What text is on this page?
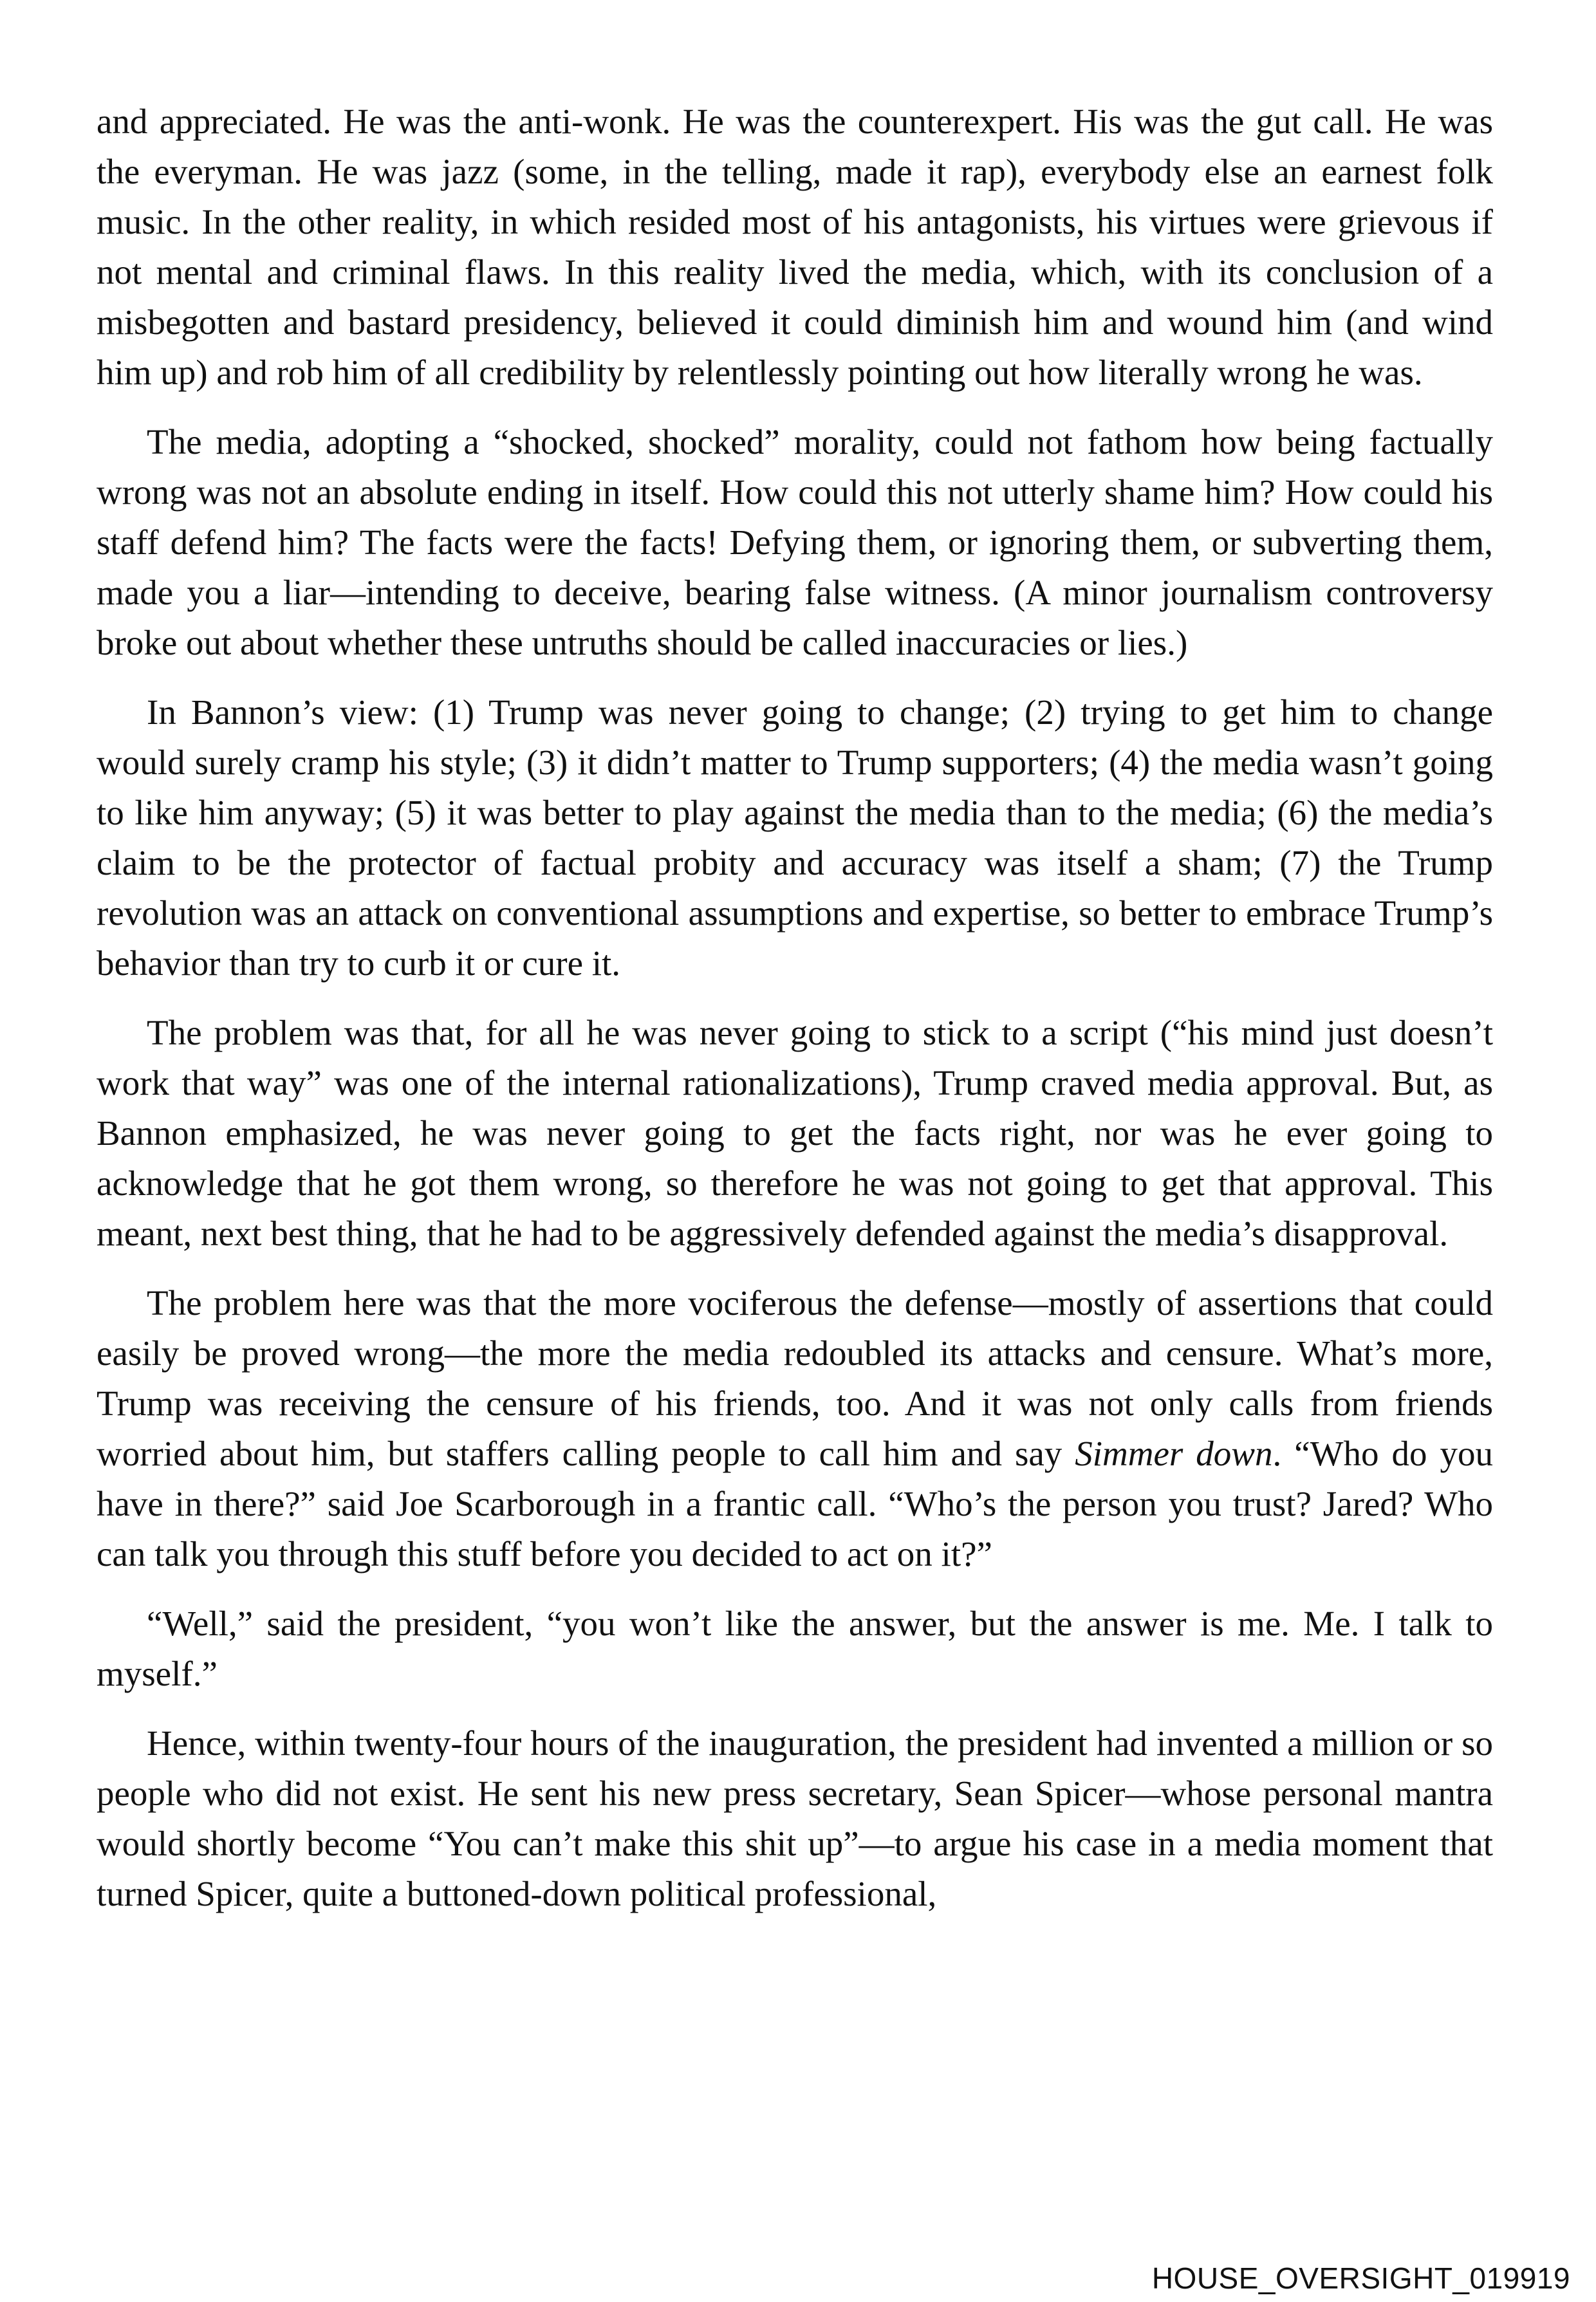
and appreciated. He was the anti-wonk. He was the counterexpert. His was the gut call. He was the everyman. He was jazz (some, in the telling, made it rap), everybody else an earnest folk music. In the other reality, in which resided most of his antagonists, his virtues were grievous if not mental and criminal flaws. In this reality lived the media, which, with its conclusion of a misbegotten and bastard presidency, believed it could diminish him and wound him (and wind him up) and rob him of all credibility by relentlessly pointing out how literally wrong he was.

The media, adopting a “shocked, shocked” morality, could not fathom how being factually wrong was not an absolute ending in itself. How could this not utterly shame him? How could his staff defend him? The facts were the facts! Defying them, or ignoring them, or subverting them, made you a liar—intending to deceive, bearing false witness. (A minor journalism controversy broke out about whether these untruths should be called inaccuracies or lies.)

In Bannon’s view: (1) Trump was never going to change; (2) trying to get him to change would surely cramp his style; (3) it didn’t matter to Trump supporters; (4) the media wasn’t going to like him anyway; (5) it was better to play against the media than to the media; (6) the media’s claim to be the protector of factual probity and accuracy was itself a sham; (7) the Trump revolution was an attack on conventional assumptions and expertise, so better to embrace Trump’s behavior than try to curb it or cure it.

The problem was that, for all he was never going to stick to a script (“his mind just doesn’t work that way” was one of the internal rationalizations), Trump craved media approval. But, as Bannon emphasized, he was never going to get the facts right, nor was he ever going to acknowledge that he got them wrong, so therefore he was not going to get that approval. This meant, next best thing, that he had to be aggressively defended against the media’s disapproval.

The problem here was that the more vociferous the defense—mostly of assertions that could easily be proved wrong—the more the media redoubled its attacks and censure. What’s more, Trump was receiving the censure of his friends, too. And it was not only calls from friends worried about him, but staffers calling people to call him and say Simmer down. “Who do you have in there?” said Joe Scarborough in a frantic call. “Who’s the person you trust? Jared? Who can talk you through this stuff before you decided to act on it?”

“Well,” said the president, “you won’t like the answer, but the answer is me. Me. I talk to myself.”

Hence, within twenty-four hours of the inauguration, the president had invented a million or so people who did not exist. He sent his new press secretary, Sean Spicer—whose personal mantra would shortly become “You can’t make this shit up”—to argue his case in a media moment that turned Spicer, quite a buttoned-down political professional,

HOUSE_OVERSIGHT_019919
